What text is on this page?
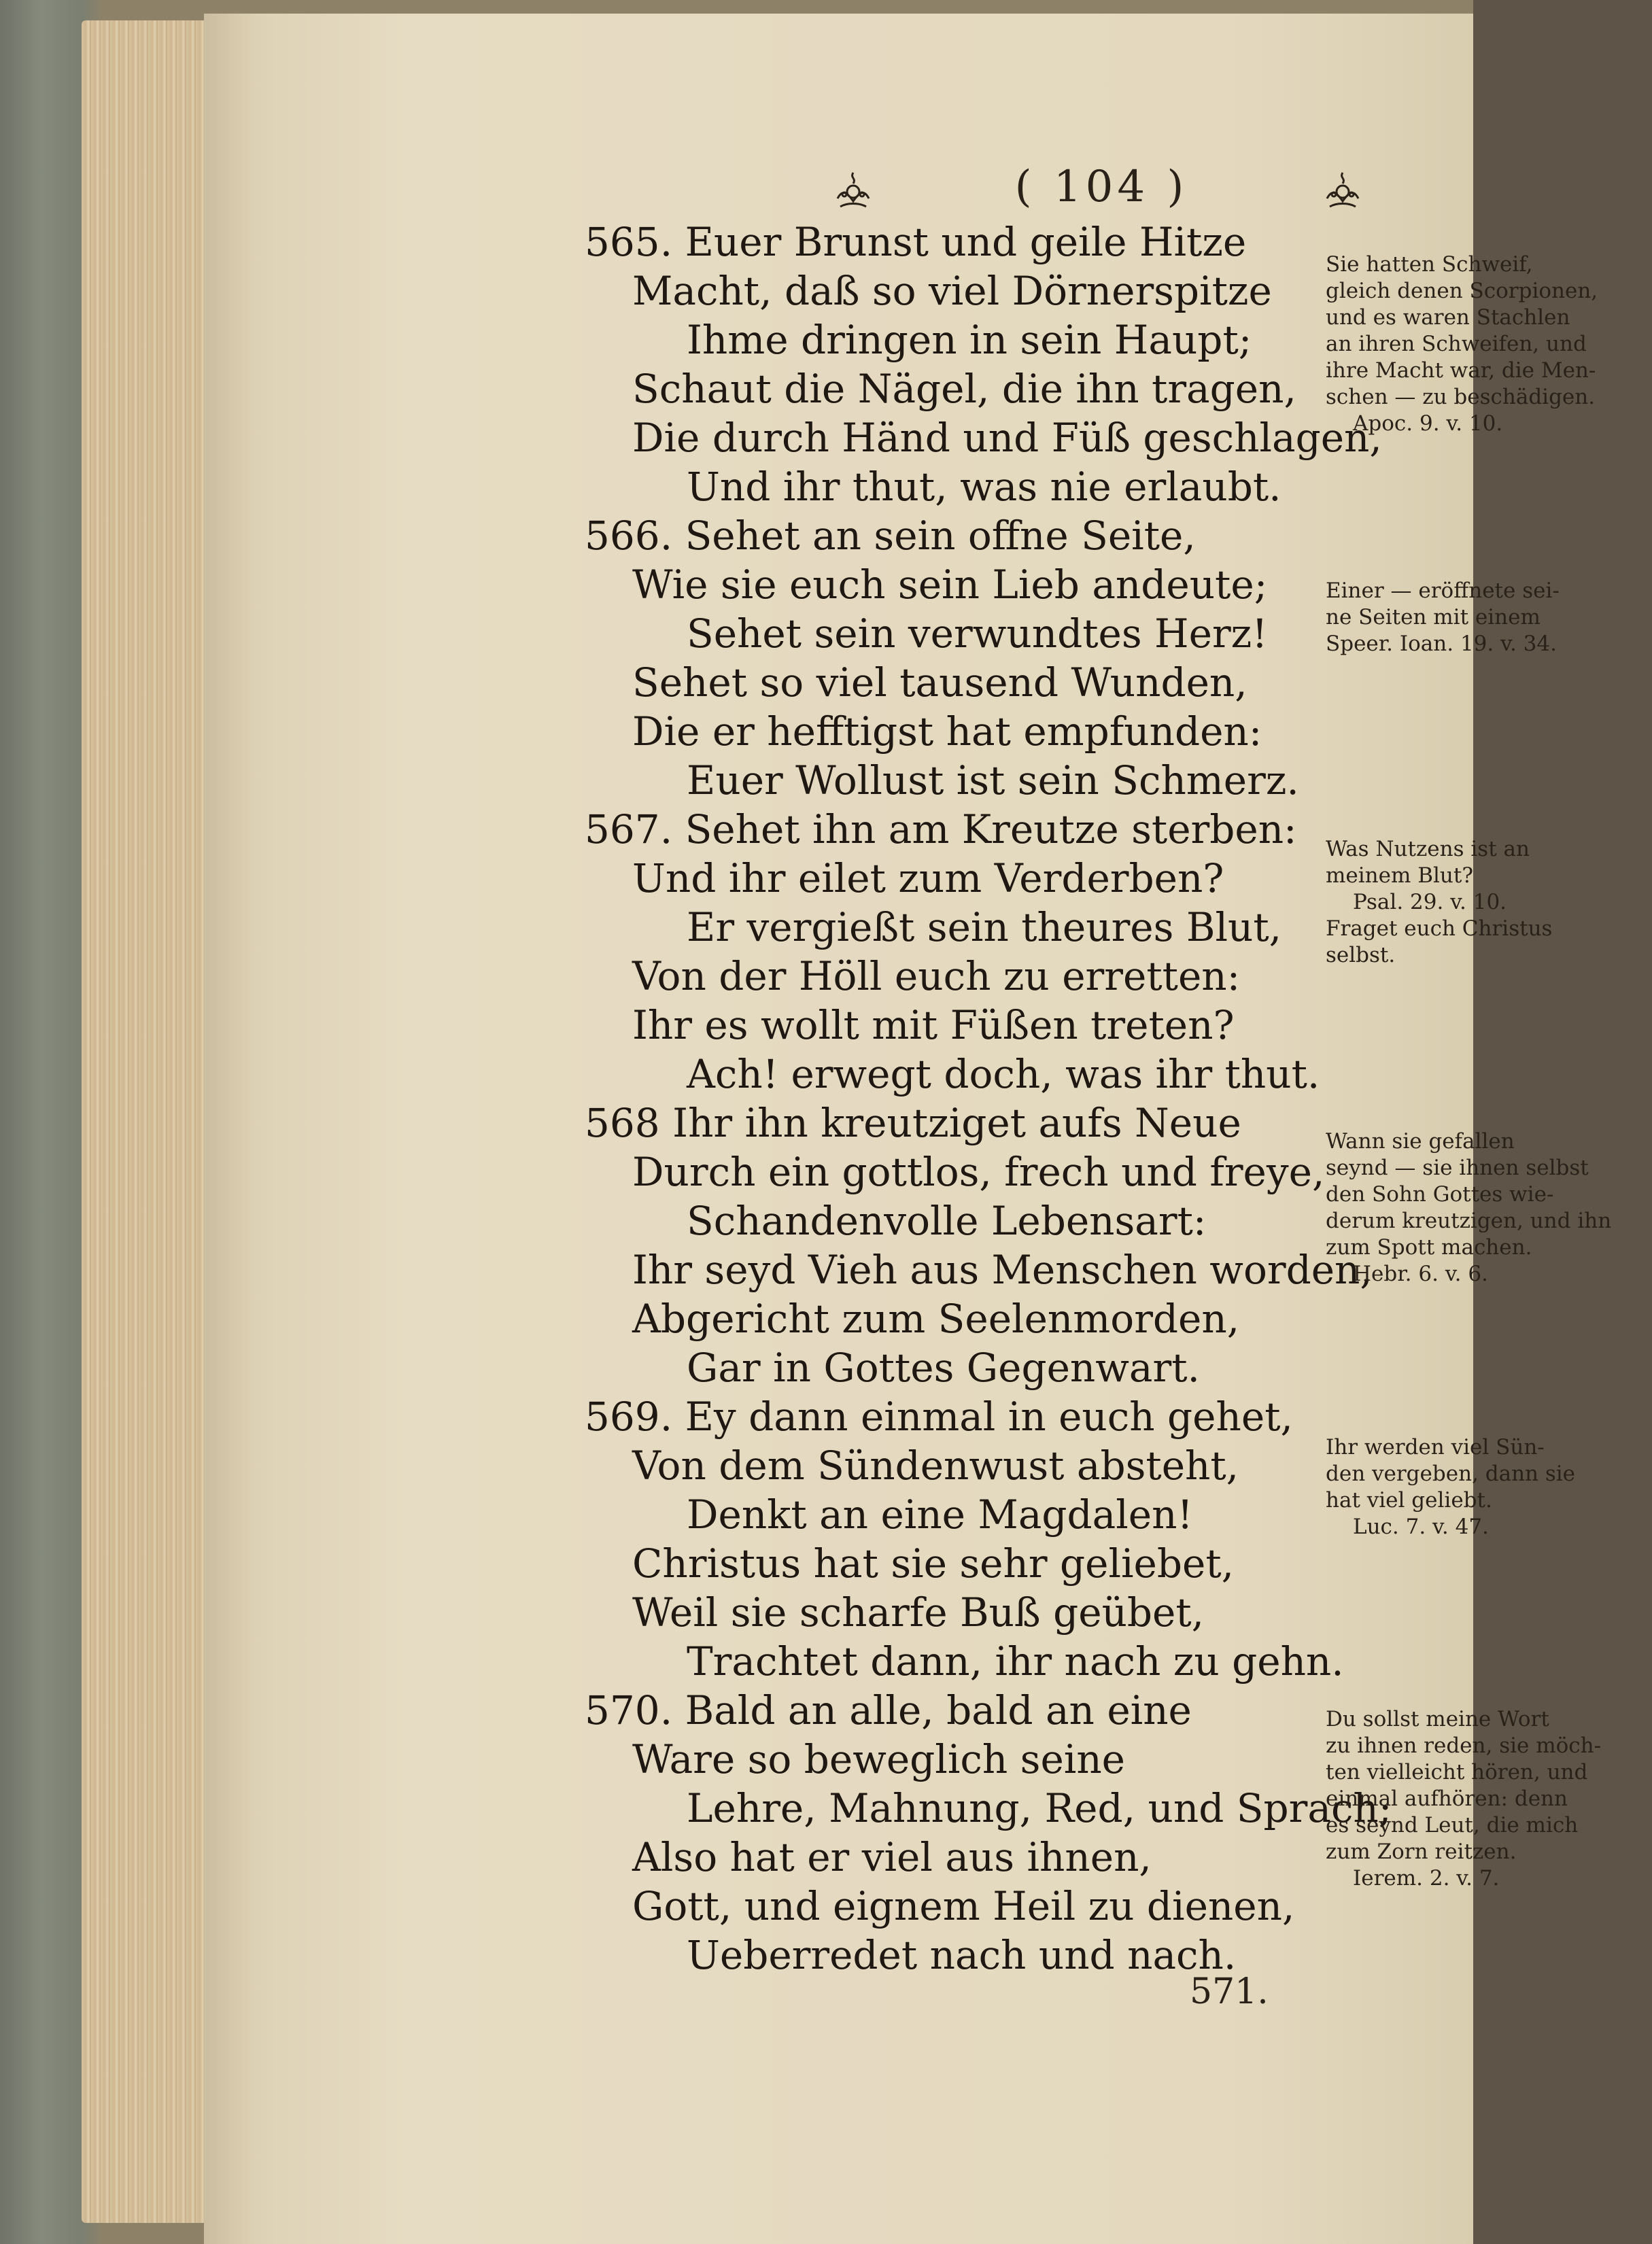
( 104 )
565. Euer Brunst und geile Hitze
Macht, daß so viel Dörnerspitze
Ihme dringen in sein Haupt;
Schaut die Nägel, die ihn tragen,
Die durch Händ und Füß geschlagen,
Und ihr thut, was nie erlaubt.
566. Sehet an sein offne Seite,
Wie sie euch sein Lieb andeute;
Sehet sein verwundtes Herz!
Sehet so viel tausend Wunden,
Die er hefftigst hat empfunden:
Euer Wollust ist sein Schmerz.
567. Sehet ihn am Kreutze sterben:
Und ihr eilet zum Verderben?
Er vergießt sein theures Blut,
Von der Höll euch zu erretten:
Ihr es wollt mit Füßen treten?
Ach! erwegt doch, was ihr thut.
568 Ihr ihn kreutziget aufs Neue
Durch ein gottlos, frech und freye,
Schandenvolle Lebensart:
Ihr seyd Vieh aus Menschen worden,
Abgericht zum Seelenmorden,
Gar in Gottes Gegenwart.
569. Ey dann einmal in euch gehet,
Von dem Sündenwust absteht,
Denkt an eine Magdalen!
Christus hat sie sehr geliebet,
Weil sie scharfe Buß geübet,
Trachtet dann, ihr nach zu gehn.
570. Bald an alle, bald an eine
Ware so beweglich seine
Lehre, Mahnung, Red, und Sprach;
Also hat er viel aus ihnen,
Gott, und eignem Heil zu dienen,
Ueberredet nach und nach.
Sie hatten Schweif,
gleich denen Scorpionen,
und es waren Stachlen
an ihren Schweifen, und
ihre Macht war, die Men-
schen — zu beschädigen.
Apoc. 9. v. 10.
Einer — eröffnete sei-
ne Seiten mit einem
Speer. Ioan. 19. v. 34.
Was Nutzens ist an
meinem Blut?
Psal. 29. v. 10.
Fraget euch Christus
selbst.
Wann sie gefallen
seynd — sie ihnen selbst
den Sohn Gottes wie-
derum kreutzigen, und ihn
zum Spott machen.
Hebr. 6. v. 6.
Ihr werden viel Sün-
den vergeben, dann sie
hat viel geliebt.
Luc. 7. v. 47.
Du sollst meine Wort
zu ihnen reden, sie möch-
ten vielleicht hören, und
einmal aufhören: denn
es seynd Leut, die mich
zum Zorn reitzen.
Ierem. 2. v. 7.
571.
